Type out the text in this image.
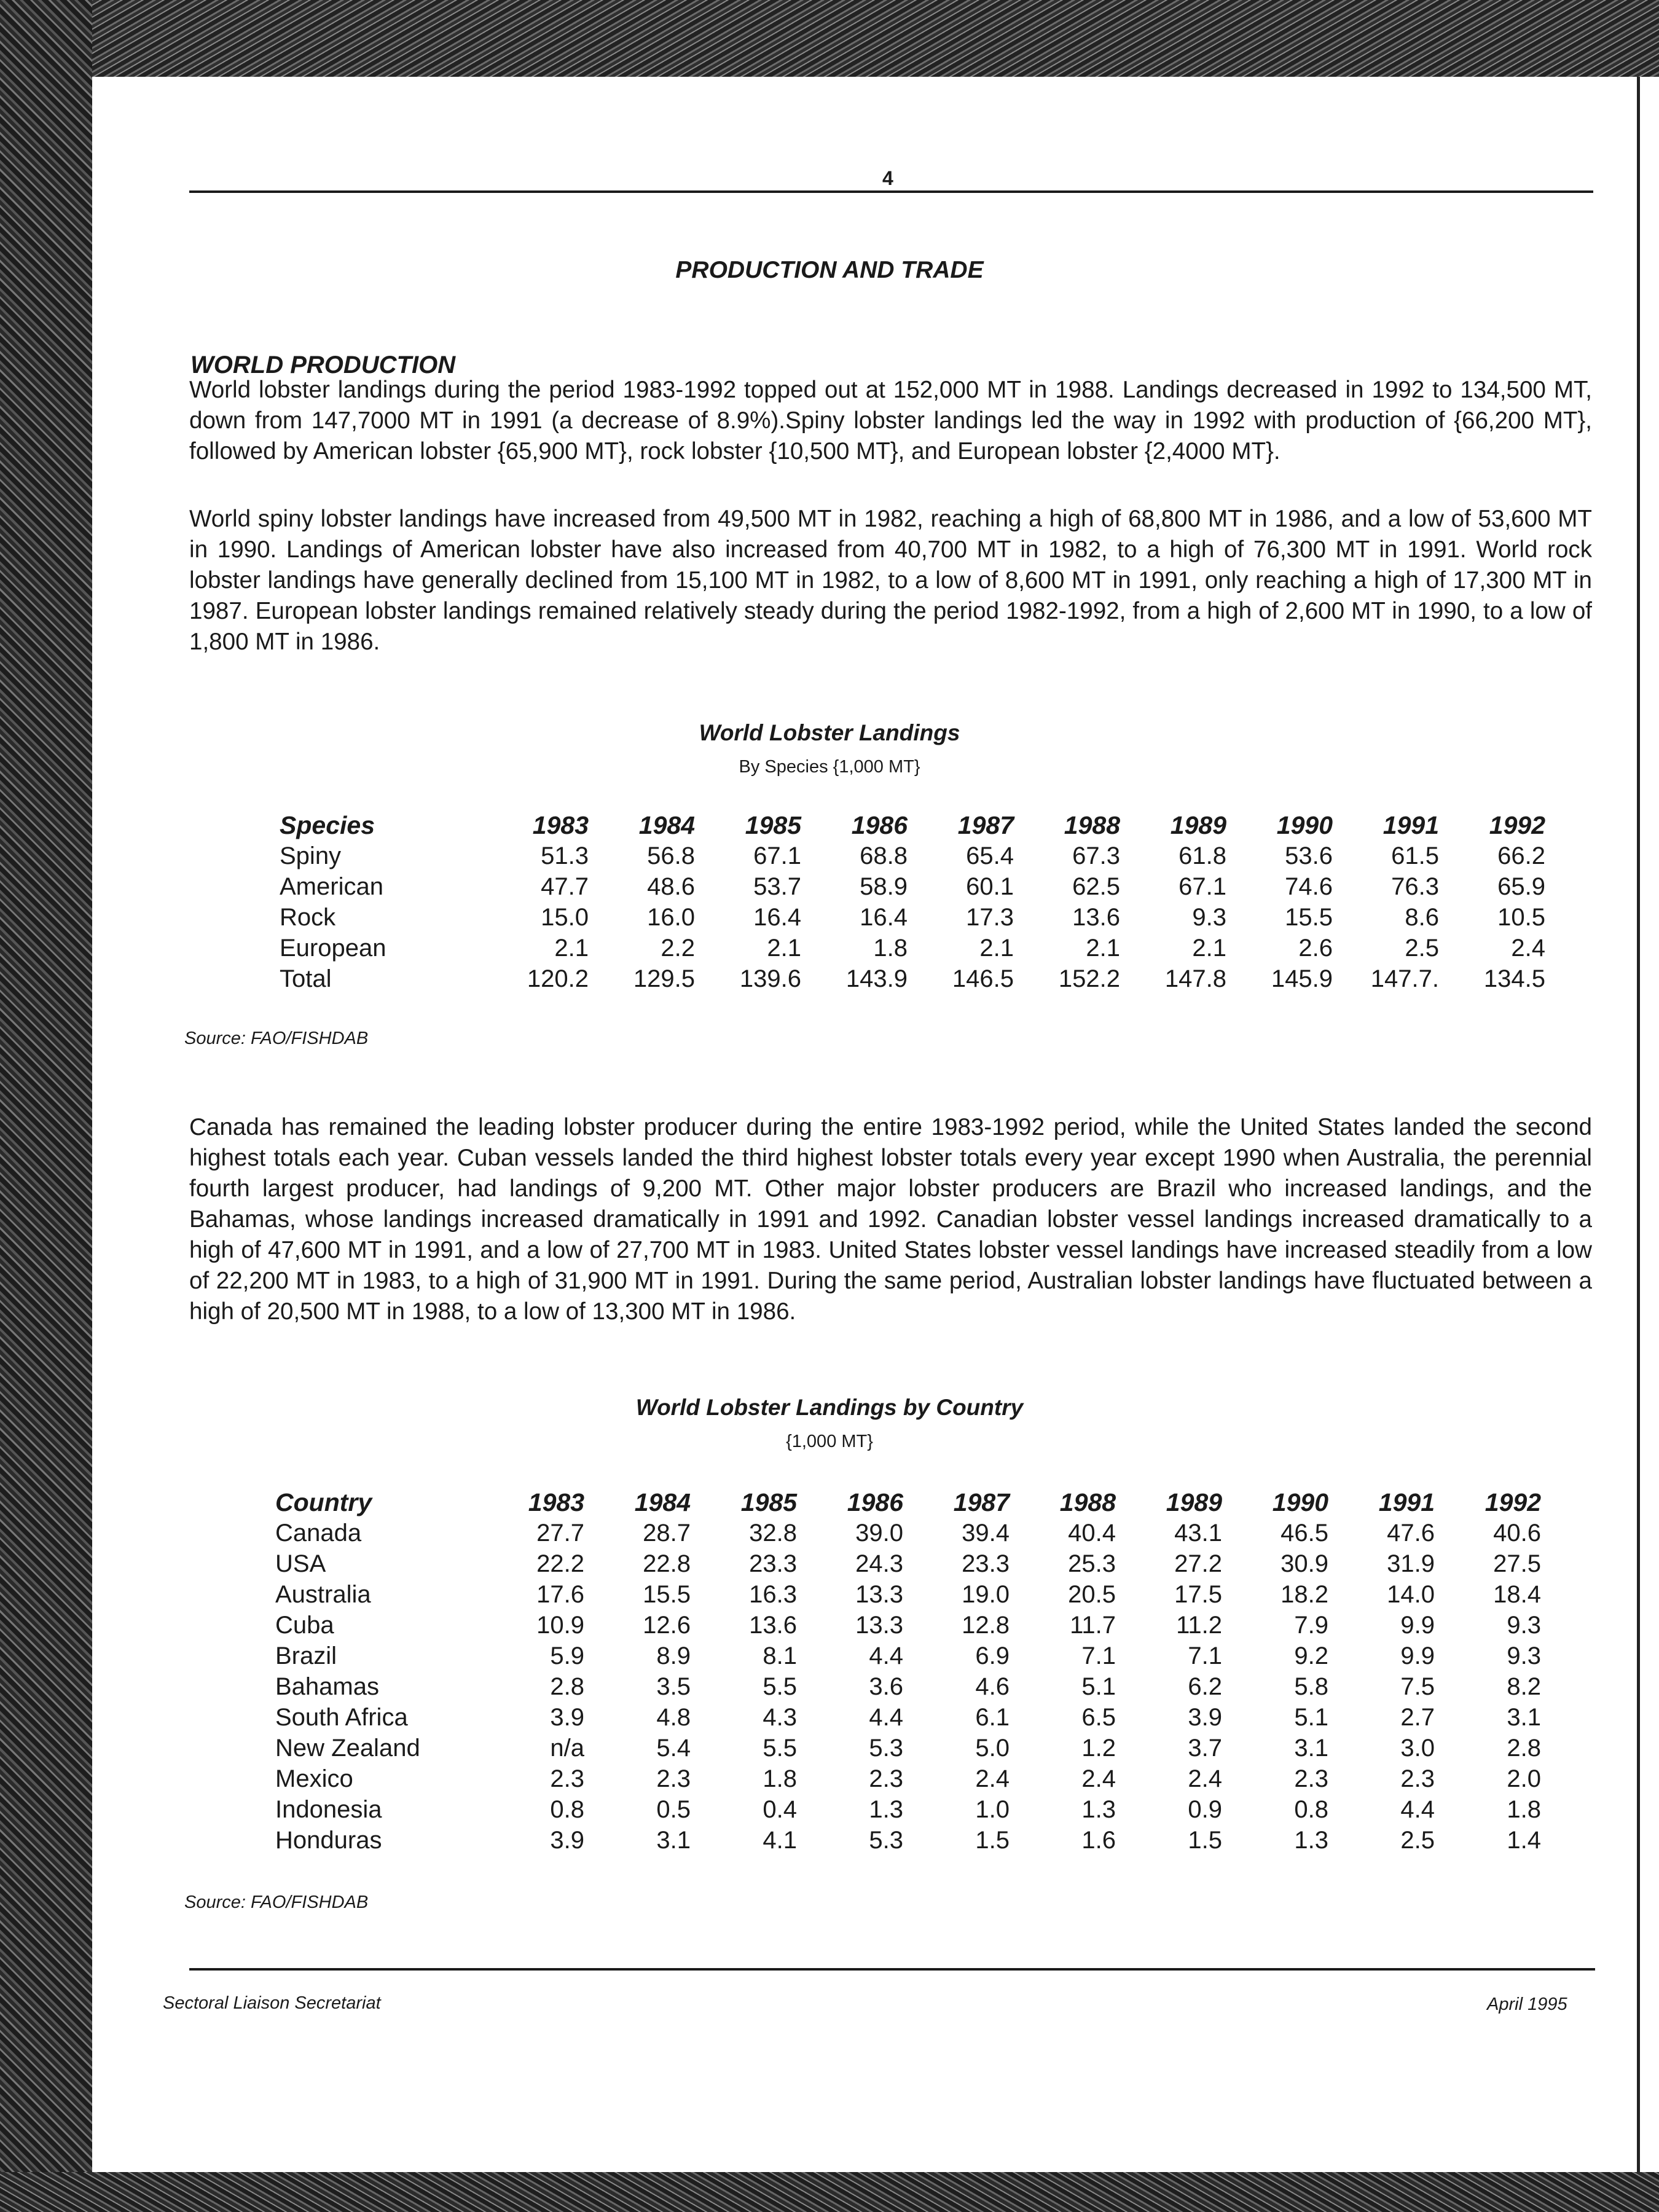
4
PRODUCTION AND TRADE
WORLD PRODUCTION
World lobster landings during the period 1983-1992 topped out at 152,000 MT in 1988. Landings decreased in 1992 to 134,500 MT, down from 147,7000 MT in 1991 (a decrease of 8.9%).Spiny lobster landings led the way in 1992 with production of {66,200 MT}, followed by American lobster {65,900 MT}, rock lobster {10,500 MT}, and European lobster {2,4000 MT}.
World spiny lobster landings have increased from 49,500 MT in 1982, reaching a high of 68,800 MT in 1986, and a low of 53,600 MT in 1990. Landings of American lobster have also increased from 40,700 MT in 1982, to a high of 76,300 MT in 1991. World rock lobster landings have generally declined from 15,100 MT in 1982, to a low of 8,600 MT in 1991, only reaching a high of 17,300 MT in 1987. European lobster landings remained relatively steady during the period 1982-1992, from a high of 2,600 MT in 1990, to a low of 1,800 MT in 1986.
World Lobster Landings
By Species {1,000 MT}
Species	1983	1984	1985	1986	1987	1988	1989	1990	1991	1992
Spiny	51.3	56.8	67.1	68.8	65.4	67.3	61.8	53.6	61.5	66.2
American	47.7	48.6	53.7	58.9	60.1	62.5	67.1	74.6	76.3	65.9
Rock	15.0	16.0	16.4	16.4	17.3	13.6	9.3	15.5	8.6	10.5
European	2.1	2.2	2.1	1.8	2.1	2.1	2.1	2.6	2.5	2.4
Total	120.2	129.5	139.6	143.9	146.5	152.2	147.8	145.9	147.7.	134.5
Source: FAO/FISHDAB
Canada has remained the leading lobster producer during the entire 1983-1992 period, while the United States landed the second highest totals each year. Cuban vessels landed the third highest lobster totals every year except 1990 when Australia, the perennial fourth largest producer, had landings of 9,200 MT. Other major lobster producers are Brazil who increased landings, and the Bahamas, whose landings increased dramatically in 1991 and 1992. Canadian lobster vessel landings increased dramatically to a high of 47,600 MT in 1991, and a low of 27,700 MT in 1983. United States lobster vessel landings have increased steadily from a low of 22,200 MT in 1983, to a high of 31,900 MT in 1991. During the same period, Australian lobster landings have fluctuated between a high of 20,500 MT in 1988, to a low of 13,300 MT in 1986.
World Lobster Landings by Country
{1,000 MT}
Country	1983	1984	1985	1986	1987	1988	1989	1990	1991	1992
Canada	27.7	28.7	32.8	39.0	39.4	40.4	43.1	46.5	47.6	40.6
USA	22.2	22.8	23.3	24.3	23.3	25.3	27.2	30.9	31.9	27.5
Australia	17.6	15.5	16.3	13.3	19.0	20.5	17.5	18.2	14.0	18.4
Cuba	10.9	12.6	13.6	13.3	12.8	11.7	11.2	7.9	9.9	9.3
Brazil	5.9	8.9	8.1	4.4	6.9	7.1	7.1	9.2	9.9	9.3
Bahamas	2.8	3.5	5.5	3.6	4.6	5.1	6.2	5.8	7.5	8.2
South Africa	3.9	4.8	4.3	4.4	6.1	6.5	3.9	5.1	2.7	3.1
New Zealand	n/a	5.4	5.5	5.3	5.0	1.2	3.7	3.1	3.0	2.8
Mexico	2.3	2.3	1.8	2.3	2.4	2.4	2.4	2.3	2.3	2.0
Indonesia	0.8	0.5	0.4	1.3	1.0	1.3	0.9	0.8	4.4	1.8
Honduras	3.9	3.1	4.1	5.3	1.5	1.6	1.5	1.3	2.5	1.4
Source: FAO/FISHDAB
Sectoral Liaison Secretariat	April 1995
